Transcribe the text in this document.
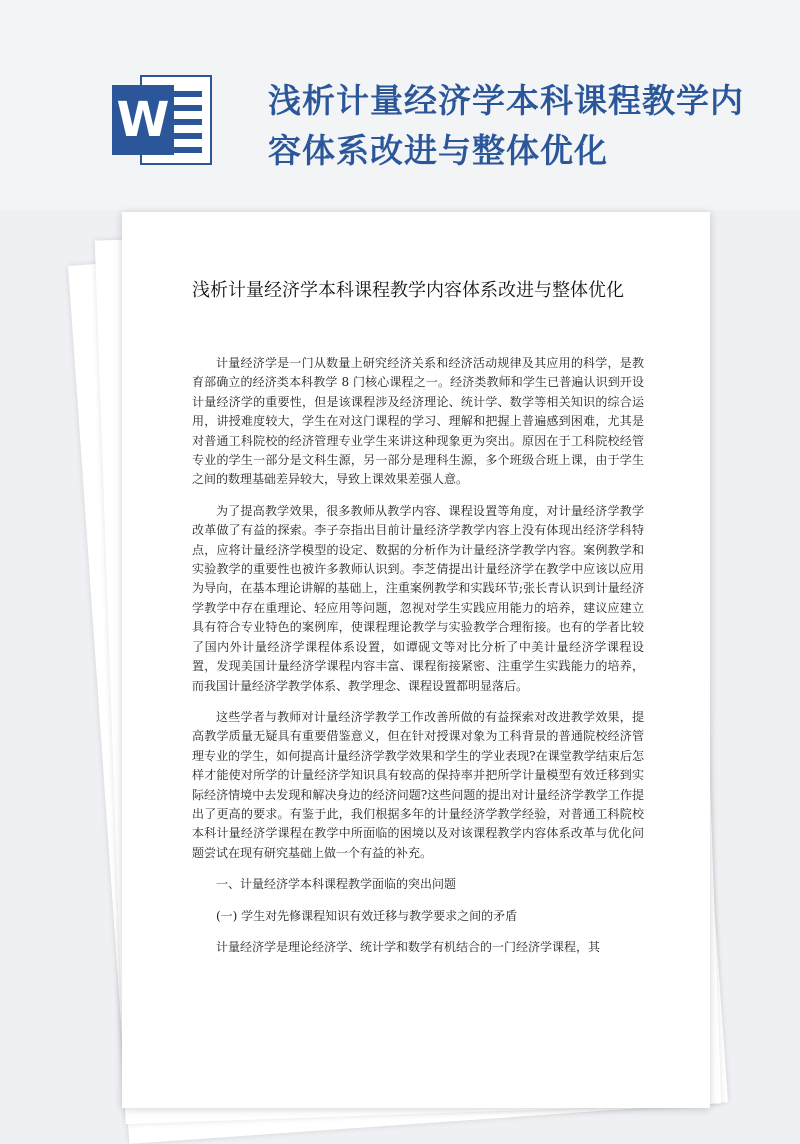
W	浅析计量经济学本科课程教学内容体系改进与整体优化
浅析计量经济学本科课程教学内容体系改进与整体优化

计量经济学是一门从数量上研究经济关系和经济活动规律及其应用的科学，是教育部确立的经济类本科教学 8 门核心课程之一。经济类教师和学生已普遍认识到开设计量经济学的重要性，但是该课程涉及经济理论、统计学、数学等相关知识的综合运用，讲授难度较大，学生在对这门课程的学习、理解和把握上普遍感到困难，尤其是对普通工科院校的经济管理专业学生来讲这种现象更为突出。原因在于工科院校经管专业的学生一部分是文科生源，另一部分是理科生源，多个班级合班上课，由于学生之间的数理基础差异较大，导致上课效果差强人意。

为了提高教学效果，很多教师从教学内容、课程设置等角度，对计量经济学教学改革做了有益的探索。李子奈指出目前计量经济学教学内容上没有体现出经济学科特点，应将计量经济学模型的设定、数据的分析作为计量经济学教学内容。案例教学和实验教学的重要性也被许多教师认识到。李芝倩提出计量经济学在教学中应该以应用为导向，在基本理论讲解的基础上，注重案例教学和实践环节;张长青认识到计量经济学教学中存在重理论、轻应用等问题，忽视对学生实践应用能力的培养，建议应建立具有符合专业特色的案例库，使课程理论教学与实验教学合理衔接。也有的学者比较了国内外计量经济学课程体系设置，如谭砚文等对比分析了中美计量经济学课程设置，发现美国计量经济学课程内容丰富、课程衔接紧密、注重学生实践能力的培养，而我国计量经济学教学体系、教学理念、课程设置都明显落后。

这些学者与教师对计量经济学教学工作改善所做的有益探索对改进教学效果，提高教学质量无疑具有重要借鉴意义，但在针对授课对象为工科背景的普通院校经济管理专业的学生，如何提高计量经济学教学效果和学生的学业表现?在课堂教学结束后怎样才能使对所学的计量经济学知识具有较高的保持率并把所学计量模型有效迁移到实际经济情境中去发现和解决身边的经济问题?这些问题的提出对计量经济学教学工作提出了更高的要求。有鉴于此，我们根据多年的计量经济学教学经验，对普通工科院校本科计量经济学课程在教学中所面临的困境以及对该课程教学内容体系改革与优化问题尝试在现有研究基础上做一个有益的补充。

一、计量经济学本科课程教学面临的突出问题

(一) 学生对先修课程知识有效迁移与教学要求之间的矛盾

计量经济学是理论经济学、统计学和数学有机结合的一门经济学课程，其
